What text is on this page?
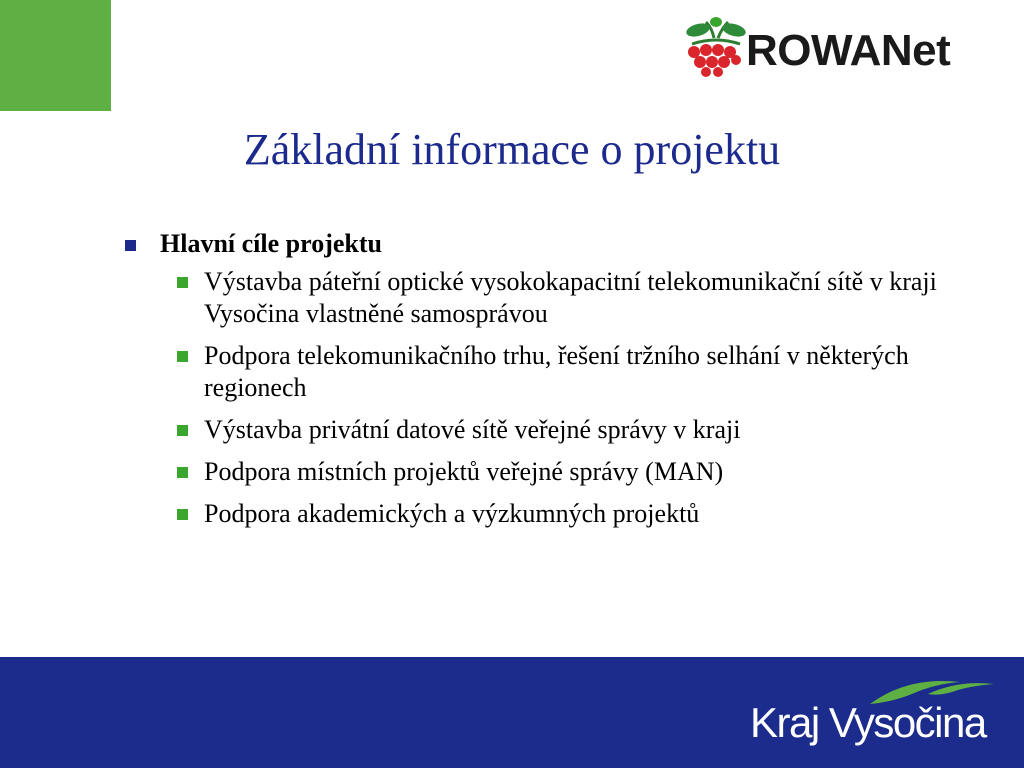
ROWANet
Základní informace o projektu
Hlavní cíle projektu
Výstavba páteřní optické vysokokapacitní telekomunikační sítě v kraji Vysočina vlastněné samosprávou
Podpora telekomunikačního trhu, řešení tržního selhání v některých regionech
Výstavba privátní datové sítě veřejné správy v kraji
Podpora místních projektů veřejné správy (MAN)
Podpora akademických a výzkumných projektů
Kraj Vysočina
